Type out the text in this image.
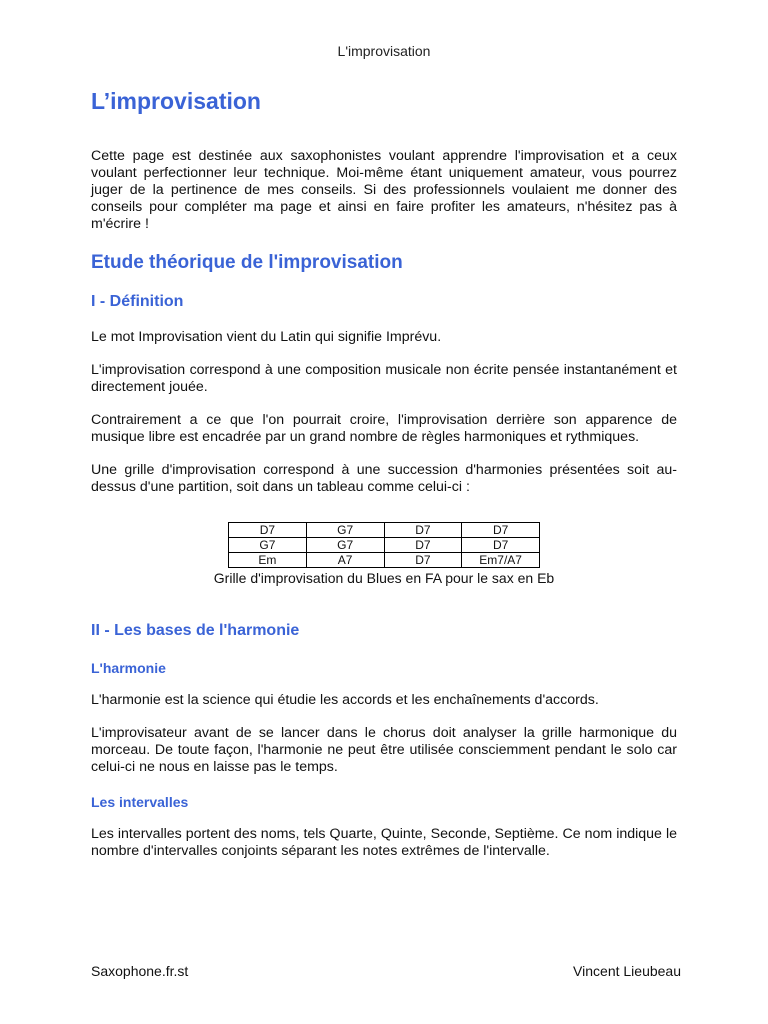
L'improvisation
L’improvisation

Cette page est destinée aux saxophonistes voulant apprendre l'improvisation et a ceux voulant perfectionner leur technique. Moi-même étant uniquement amateur, vous pourrez juger de la pertinence de mes conseils. Si des professionnels voulaient me donner des conseils pour compléter ma page et ainsi en faire profiter les amateurs, n'hésitez pas à m'écrire !

Etude théorique de l'improvisation
I - Définition

Le mot Improvisation vient du Latin qui signifie Imprévu.

L'improvisation correspond à une composition musicale non écrite pensée instantanément et directement jouée.

Contrairement a ce que l'on pourrait croire, l'improvisation derrière son apparence de musique libre est encadrée par un grand nombre de règles harmoniques et rythmiques.

Une grille d'improvisation correspond à une succession d'harmonies présentées soit au-dessus d'une partition, soit dans un tableau comme celui-ci :

D7	G7	D7	D7
G7	G7	D7	D7
Em	A7	D7	Em7/A7
Grille d'improvisation du Blues en FA pour le sax en Eb
II - Les bases de l'harmonie
L'harmonie

L'harmonie est la science qui étudie les accords et les enchaînements d'accords.

L'improvisateur avant de se lancer dans le chorus doit analyser la grille harmonique du morceau. De toute façon, l'harmonie ne peut être utilisée consciemment pendant le solo car celui-ci ne nous en laisse pas le temps.

Les intervalles

Les intervalles portent des noms, tels Quarte, Quinte, Seconde, Septième. Ce nom indique le nombre d'intervalles conjoints séparant les notes extrêmes de l'intervalle.

Saxophone.fr.st	Vincent Lieubeau
